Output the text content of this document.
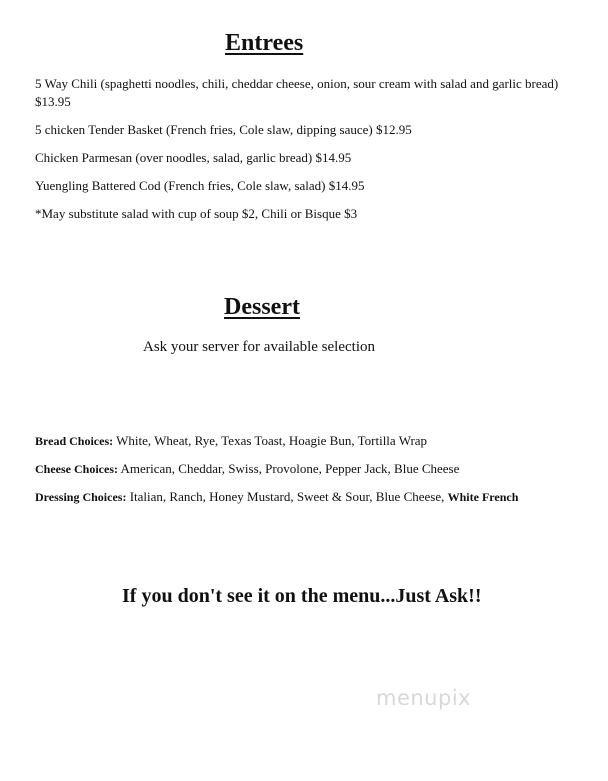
Entrees
5 Way Chili (spaghetti noodles, chili, cheddar cheese, onion, sour cream with salad and garlic bread) $13.95
5 chicken Tender Basket (French fries, Cole slaw, dipping sauce) $12.95
Chicken Parmesan (over noodles, salad, garlic bread) $14.95
Yuengling Battered Cod (French fries, Cole slaw, salad) $14.95
*May substitute salad with cup of soup $2, Chili or Bisque $3
Dessert
Ask your server for available selection
Bread Choices: White, Wheat, Rye, Texas Toast, Hoagie Bun, Tortilla Wrap
Cheese Choices: American, Cheddar, Swiss, Provolone, Pepper Jack, Blue Cheese
Dressing Choices: Italian, Ranch, Honey Mustard, Sweet & Sour, Blue Cheese, White French
If you don't see it on the menu...Just Ask!!
menupix
